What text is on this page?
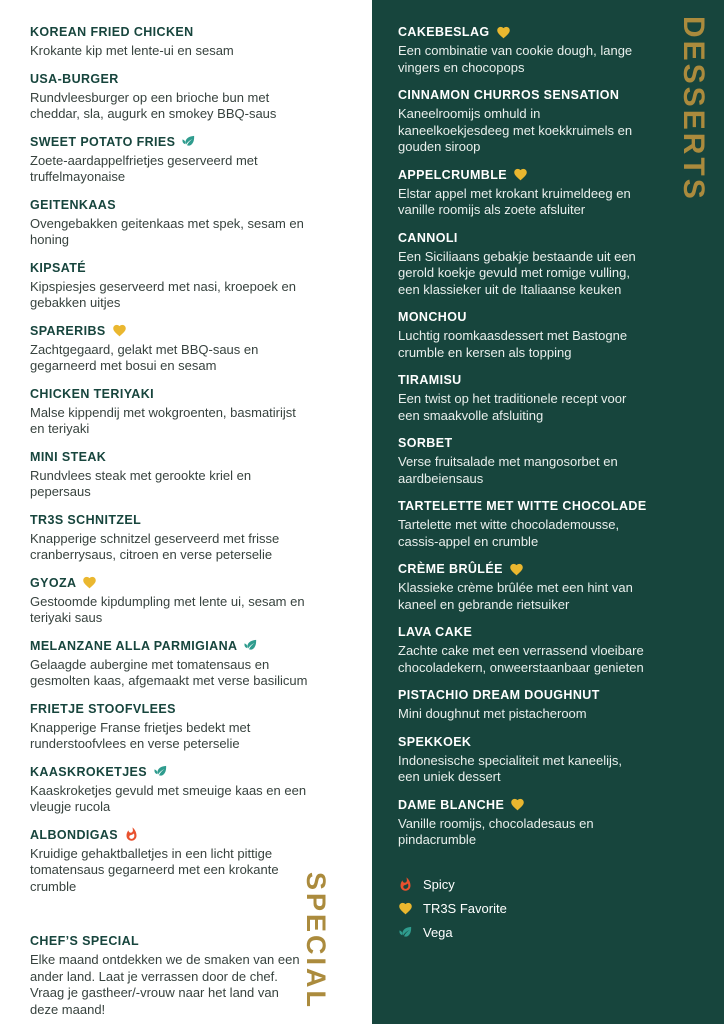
KOREAN FRIED CHICKEN

Krokante kip met lente-ui en sesam

USA-BURGER

Rundvleesburger op een brioche bun met cheddar, sla, augurk en smokey BBQ-saus

SWEET POTATO FRIES

Zoete-aardappelfrietjes geserveerd met truffelmayonaise

GEITENKAAS

Ovengebakken geitenkaas met spek, sesam en honing

KIPSATÉ

Kipspiesjes geserveerd met nasi, kroepoek en gebakken uitjes

SPARERIBS

Zachtgegaard, gelakt met BBQ-saus en gegarneerd met bosui en sesam

CHICKEN TERIYAKI

Malse kippendij met wokgroenten, basmatirijst en teriyaki

MINI STEAK

Rundvlees steak met gerookte kriel en pepersaus

TR3S SCHNITZEL

Knapperige schnitzel geserveerd met frisse cranberrysaus, citroen en verse peterselie

GYOZA

Gestoomde kipdumpling met lente ui, sesam en teriyaki saus

MELANZANE ALLA PARMIGIANA

Gelaagde aubergine met tomatensaus en gesmolten kaas, afgemaakt met verse basilicum

FRIETJE STOOFVLEES

Knapperige Franse frietjes bedekt met runderstoofvlees en verse peterselie

KAASKROKETJES

Kaaskroketjes gevuld met smeuige kaas en een vleugje rucola

ALBONDIGAS

Kruidige gehaktballetjes in een licht pittige tomatensaus gegarneerd met een krokante crumble

CHEF’S SPECIAL

Elke maand ontdekken we de smaken van een ander land. Laat je verrassen door de chef. Vraag je gastheer/-vrouw naar het land van deze maand!	SPECIAL
CAKEBESLAG

Een combinatie van cookie dough, lange vingers en chocopops

CINNAMON CHURROS SENSATION

Kaneelroomijs omhuld in kaneelkoekjesdeeg met koekkruimels en gouden siroop

APPELCRUMBLE

Elstar appel met krokant kruimeldeeg en vanille roomijs als zoete afsluiter

CANNOLI

Een Siciliaans gebakje bestaande uit een gerold koekje gevuld met romige vulling, een klassieker uit de Italiaanse keuken

MONCHOU

Luchtig roomkaasdessert met Bastogne crumble en kersen als topping

TIRAMISU

Een twist op het traditionele recept voor een smaakvolle afsluiting

SORBET

Verse fruitsalade met mangosorbet en aardbeiensaus

TARTELETTE MET WITTE CHOCOLADE

Tartelette met witte chocolademousse, cassis-appel en crumble

CRÈME BRÛLÉE

Klassieke crème brûlée met een hint van kaneel en gebrande rietsuiker

LAVA CAKE

Zachte cake met een verrassend vloeibare chocoladekern, onweerstaanbaar genieten

PISTACHIO DREAM DOUGHNUT

Mini doughnut met pistacheroom

SPEKKOEK

Indonesische specialiteit met kaneelijs, een uniek dessert

DAME BLANCHE

Vanille roomijs, chocoladesaus en pindacrumble

Spicy
TR3S Favorite
Vega
DESSERTS
